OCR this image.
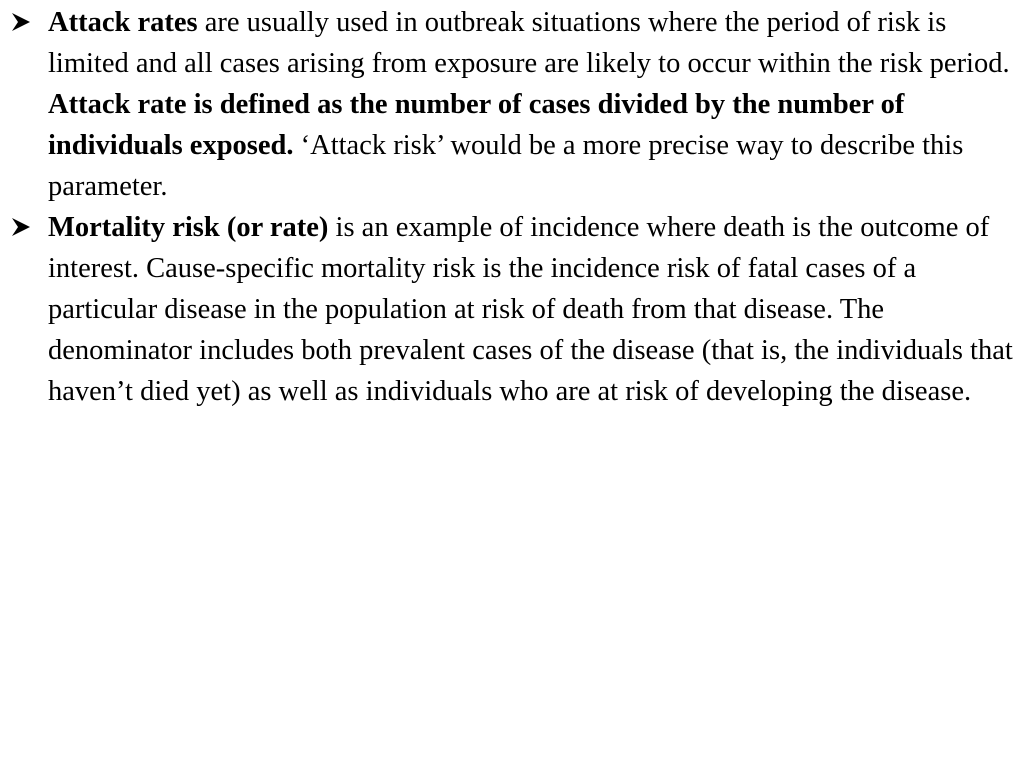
Attack rates are usually used in outbreak situations where the period of risk is limited and all cases arising from exposure are likely to occur within the risk period. Attack rate is defined as the number of cases divided by the number of individuals exposed. ‘Attack risk’ would be a more precise way to describe this parameter.
Mortality risk (or rate) is an example of incidence where death is the outcome of interest. Cause-specific mortality risk is the incidence risk of fatal cases of a particular disease in the population at risk of death from that disease. The denominator includes both prevalent cases of the disease (that is, the individuals that haven’t died yet) as well as individuals who are at risk of developing the disease.
